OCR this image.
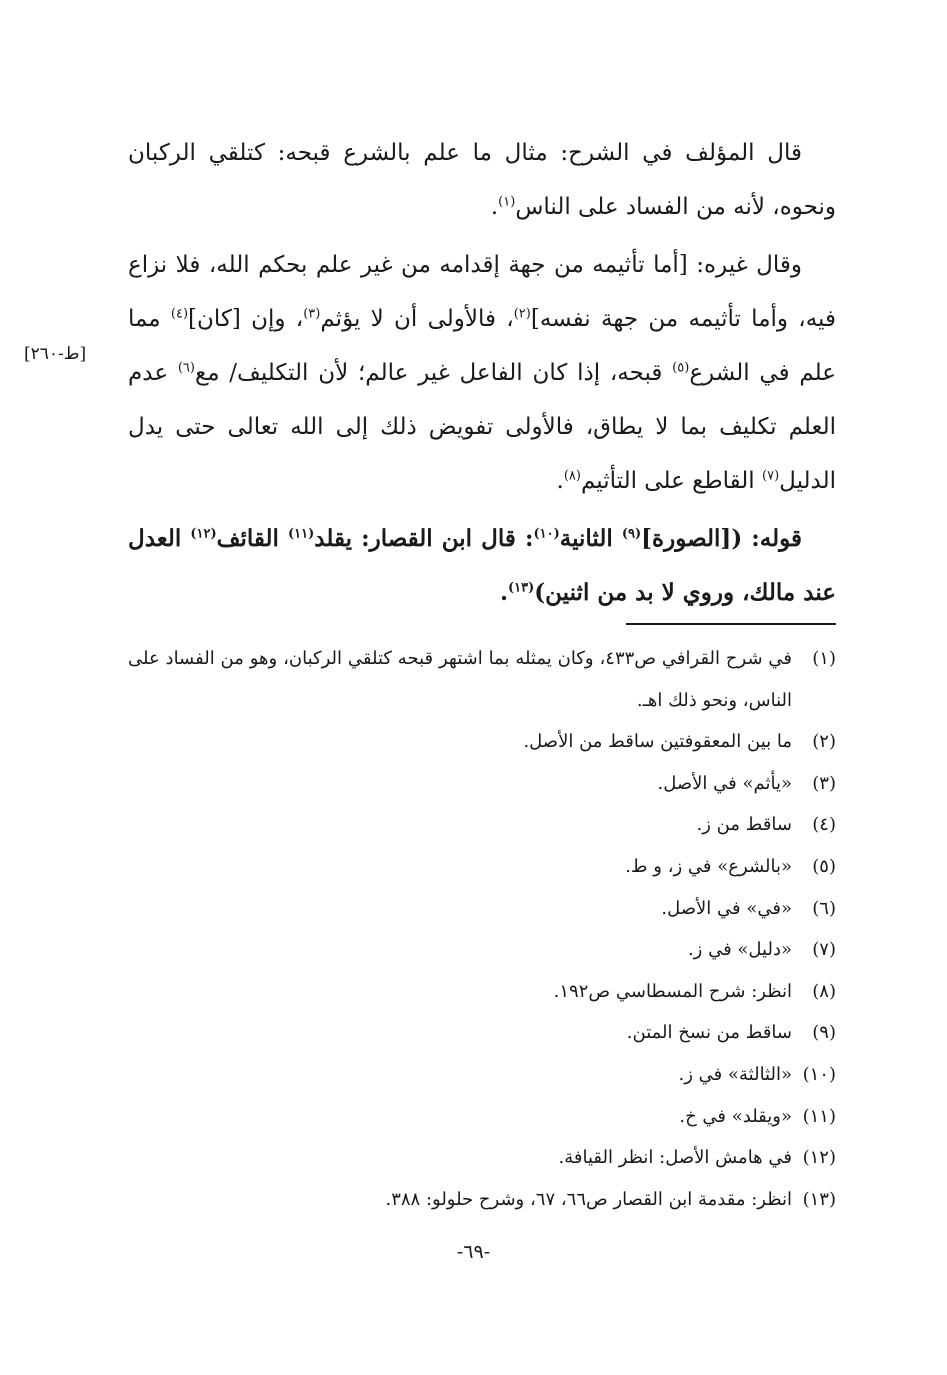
قال المؤلف في الشرح: مثال ما علم بالشرع قبحه: كتلقي الركبان ونحوه، لأنه من الفساد على الناس$^{(١)}$.

وقال غيره: [أما تأثيمه من جهة إقدامه من غير علم بحكم الله، فلا نزاع فيه، وأما تأثيمه من جهة نفسه]$^{(٢)}$، فالأولى أن لا يؤثم$^{(٣)}$، وإن [كان]$^{(٤)}$ مما علم في الشرع$^{(٥)}$ قبحه، إذا كان الفاعل غير عالم؛ لأن التكليف/ مع$^{(٦)}$ عدم العلم تكليف بما لا يطاق، فالأولى تفويض ذلك إلى الله تعالى حتى يدل الدليل$^{(٧)}$ القاطع على التأثيم$^{(٨)}$.

قوله: ([الصورة]$^{(٩)}$ الثانية$^{(١٠)}$: قال ابن القصار: يقلد$^{(١١)}$ القائف$^{(١٢)}$ العدل عند مالك، وروي لا بد من اثنين)$^{(١٣)}$.

[ط-٢٦٠]
(١)
في شرح القرافي ص٤٣٣، وكان يمثله بما اشتهر قبحه كتلقي الركبان، وهو من الفساد على الناس، ونحو ذلك اهـ.
(٢)
ما بين المعقوفتين ساقط من الأصل.
(٣)
«يأثم» في الأصل.
(٤)
ساقط من ز.
(٥)
«بالشرع» في ز، و ط.
(٦)
«في» في الأصل.
(٧)
«دليل» في ز.
(٨)
انظر: شرح المسطاسي ص١٩٢.
(٩)
ساقط من نسخ المتن.
(١٠)
«الثالثة» في ز.
(١١)
«ويقلد» في خ.
(١٢)
في هامش الأصل: انظر القيافة.
(١٣)
انظر: مقدمة ابن القصار ص٦٦، ٦٧، وشرح حلولو: ٣٨٨.
-٦٩-
